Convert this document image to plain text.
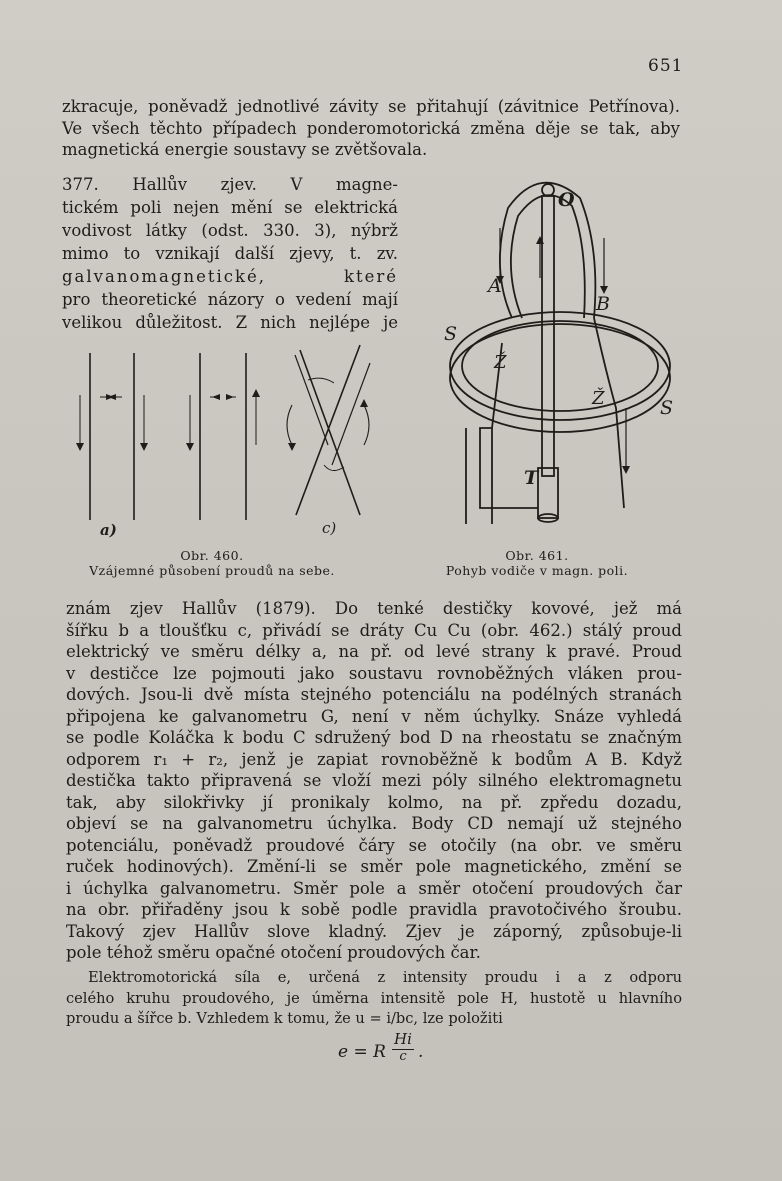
651
zkracuje, poněvadž jednotlivé závity se přitahují (závitnice Petřínova).
Ve všech těchto případech ponderomotorická změna děje se tak, aby
magnetická energie soustavy se zvětšovala.
377. Hallův zjev. V magne-
tickém poli nejen mění se elektrická
vodivost látky (odst. 330. 3), nýbrž
mimo to vznikají další zjevy, t. zv.
galvanomagnetické, které
pro theoretické názory o vedení mají
velikou důležitost. Z nich nejlépe je
a)	c)
Obr. 460.
Vzájemné působení proudů na sebe.
O
A
B
S
Ž
Ž	S
T
Obr. 461.
Pohyb vodiče v magn. poli.
znám zjev Hallův (1879). Do tenké destičky kovové, jež má
šířku b a tloušťku c, přivádí se dráty Cu Cu (obr. 462.) stálý proud
elektrický ve směru délky a, na př. od levé strany k pravé. Proud
v destičce lze pojmouti jako soustavu rovnoběžných vláken prou-
dových. Jsou-li dvě místa stejného potenciálu na podélných stranách
připojena ke galvanometru G, není v něm úchylky. Snáze vyhledá
se podle Koláčka k bodu C sdružený bod D na rheostatu se značným
odporem r₁ + r₂, jenž je zapiat rovnoběžně k bodům A B. Když
destička takto připravená se vloží mezi póly silného elektromagnetu
tak, aby silokřivky jí pronikaly kolmo, na př. zpředu dozadu,
objeví se na galvanometru úchylka. Body CD nemají už stejného
potenciálu, poněvadž proudové čáry se otočily (na obr. ve směru
ruček hodinových). Změní-li se směr pole magnetického, změní se
i úchylka galvanometru. Směr pole a směr otočení proudových čar
na obr. přiřaděny jsou k sobě podle pravidla pravotočivého šroubu.
Takový zjev Hallův slove kladný. Zjev je záporný, způsobuje-li
pole téhož směru opačné otočení proudových čar.
Elektromotorická síla e, určená z intensity proudu i a z odporu
celého kruhu proudového, je úměrna intensitě pole H, hustotě u hlavního
proudu a šířce b. Vzhledem k tomu, že u = i/bc, lze položiti
e = R
Hi
c .
